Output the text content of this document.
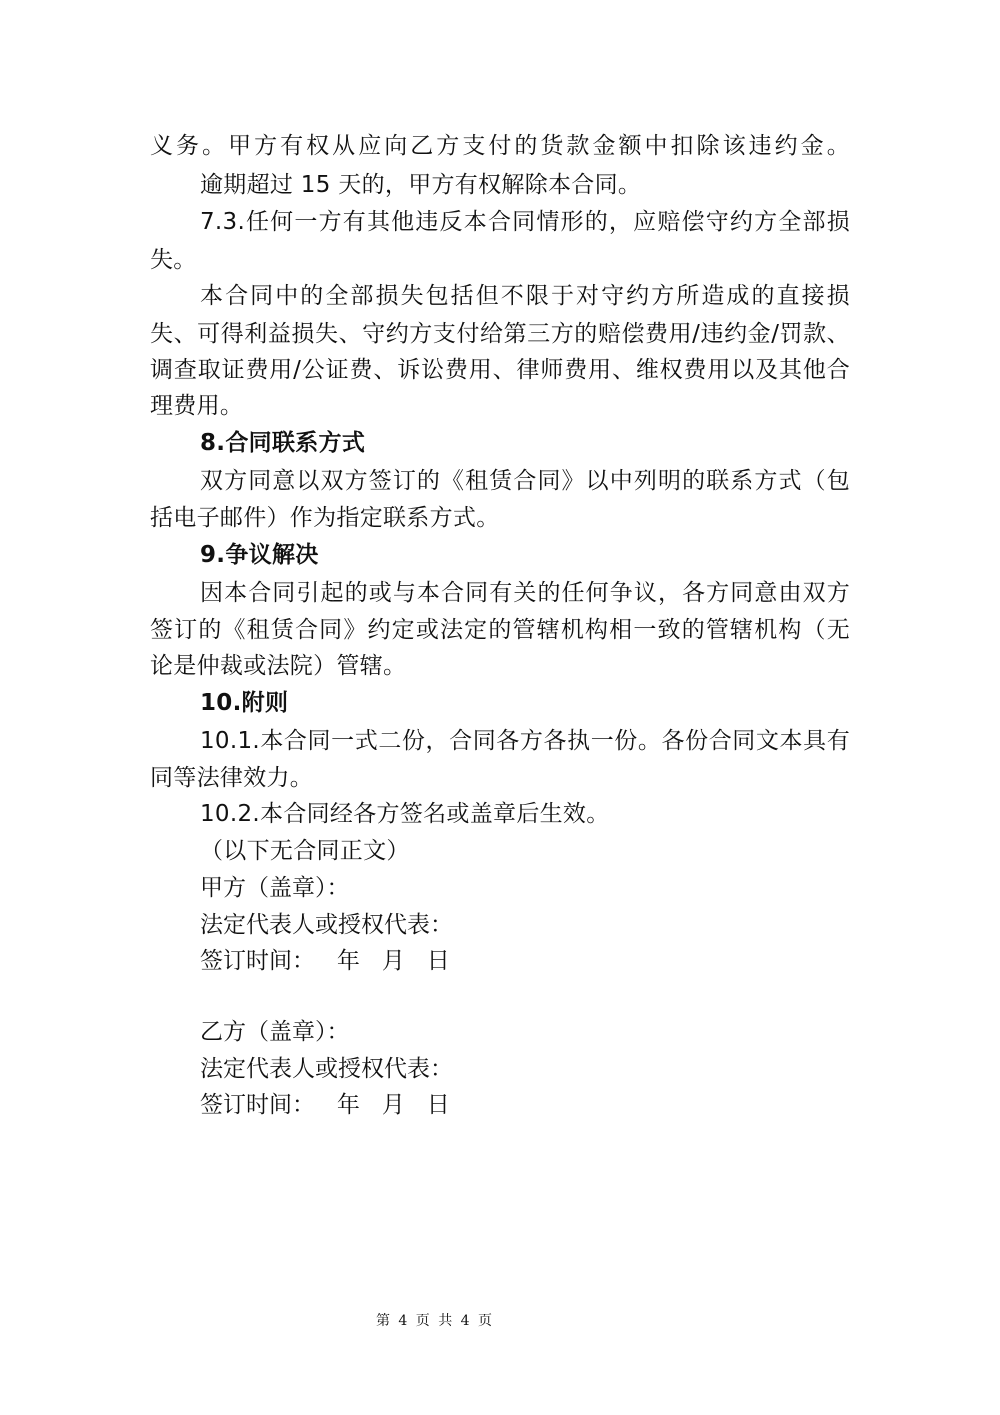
义务。甲方有权从应向乙方支付的货款金额中扣除该违约金。
逾期超过 15 天的，甲方有权解除本合同。
7.3.任何一方有其他违反本合同情形的，应赔偿守约方全部损
失。
本合同中的全部损失包括但不限于对守约方所造成的直接损
失、可得利益损失、守约方支付给第三方的赔偿费用/违约金/罚款、
调查取证费用/公证费、诉讼费用、律师费用、维权费用以及其他合
理费用。
8.合同联系方式
双方同意以双方签订的《租赁合同》以中列明的联系方式（包
括电子邮件）作为指定联系方式。
9.争议解决
因本合同引起的或与本合同有关的任何争议，各方同意由双方
签订的《租赁合同》约定或法定的管辖机构相一致的管辖机构（无
论是仲裁或法院）管辖。
10.附则
10.1.本合同一式二份，合同各方各执一份。各份合同文本具有
同等法律效力。
10.2.本合同经各方签名或盖章后生效。
（以下无合同正文）
甲方（盖章）：
法定代表人或授权代表：
签订时间：   年   月   日
乙方（盖章）：
法定代表人或授权代表：
签订时间：   年   月   日
第 4 页 共 4 页
